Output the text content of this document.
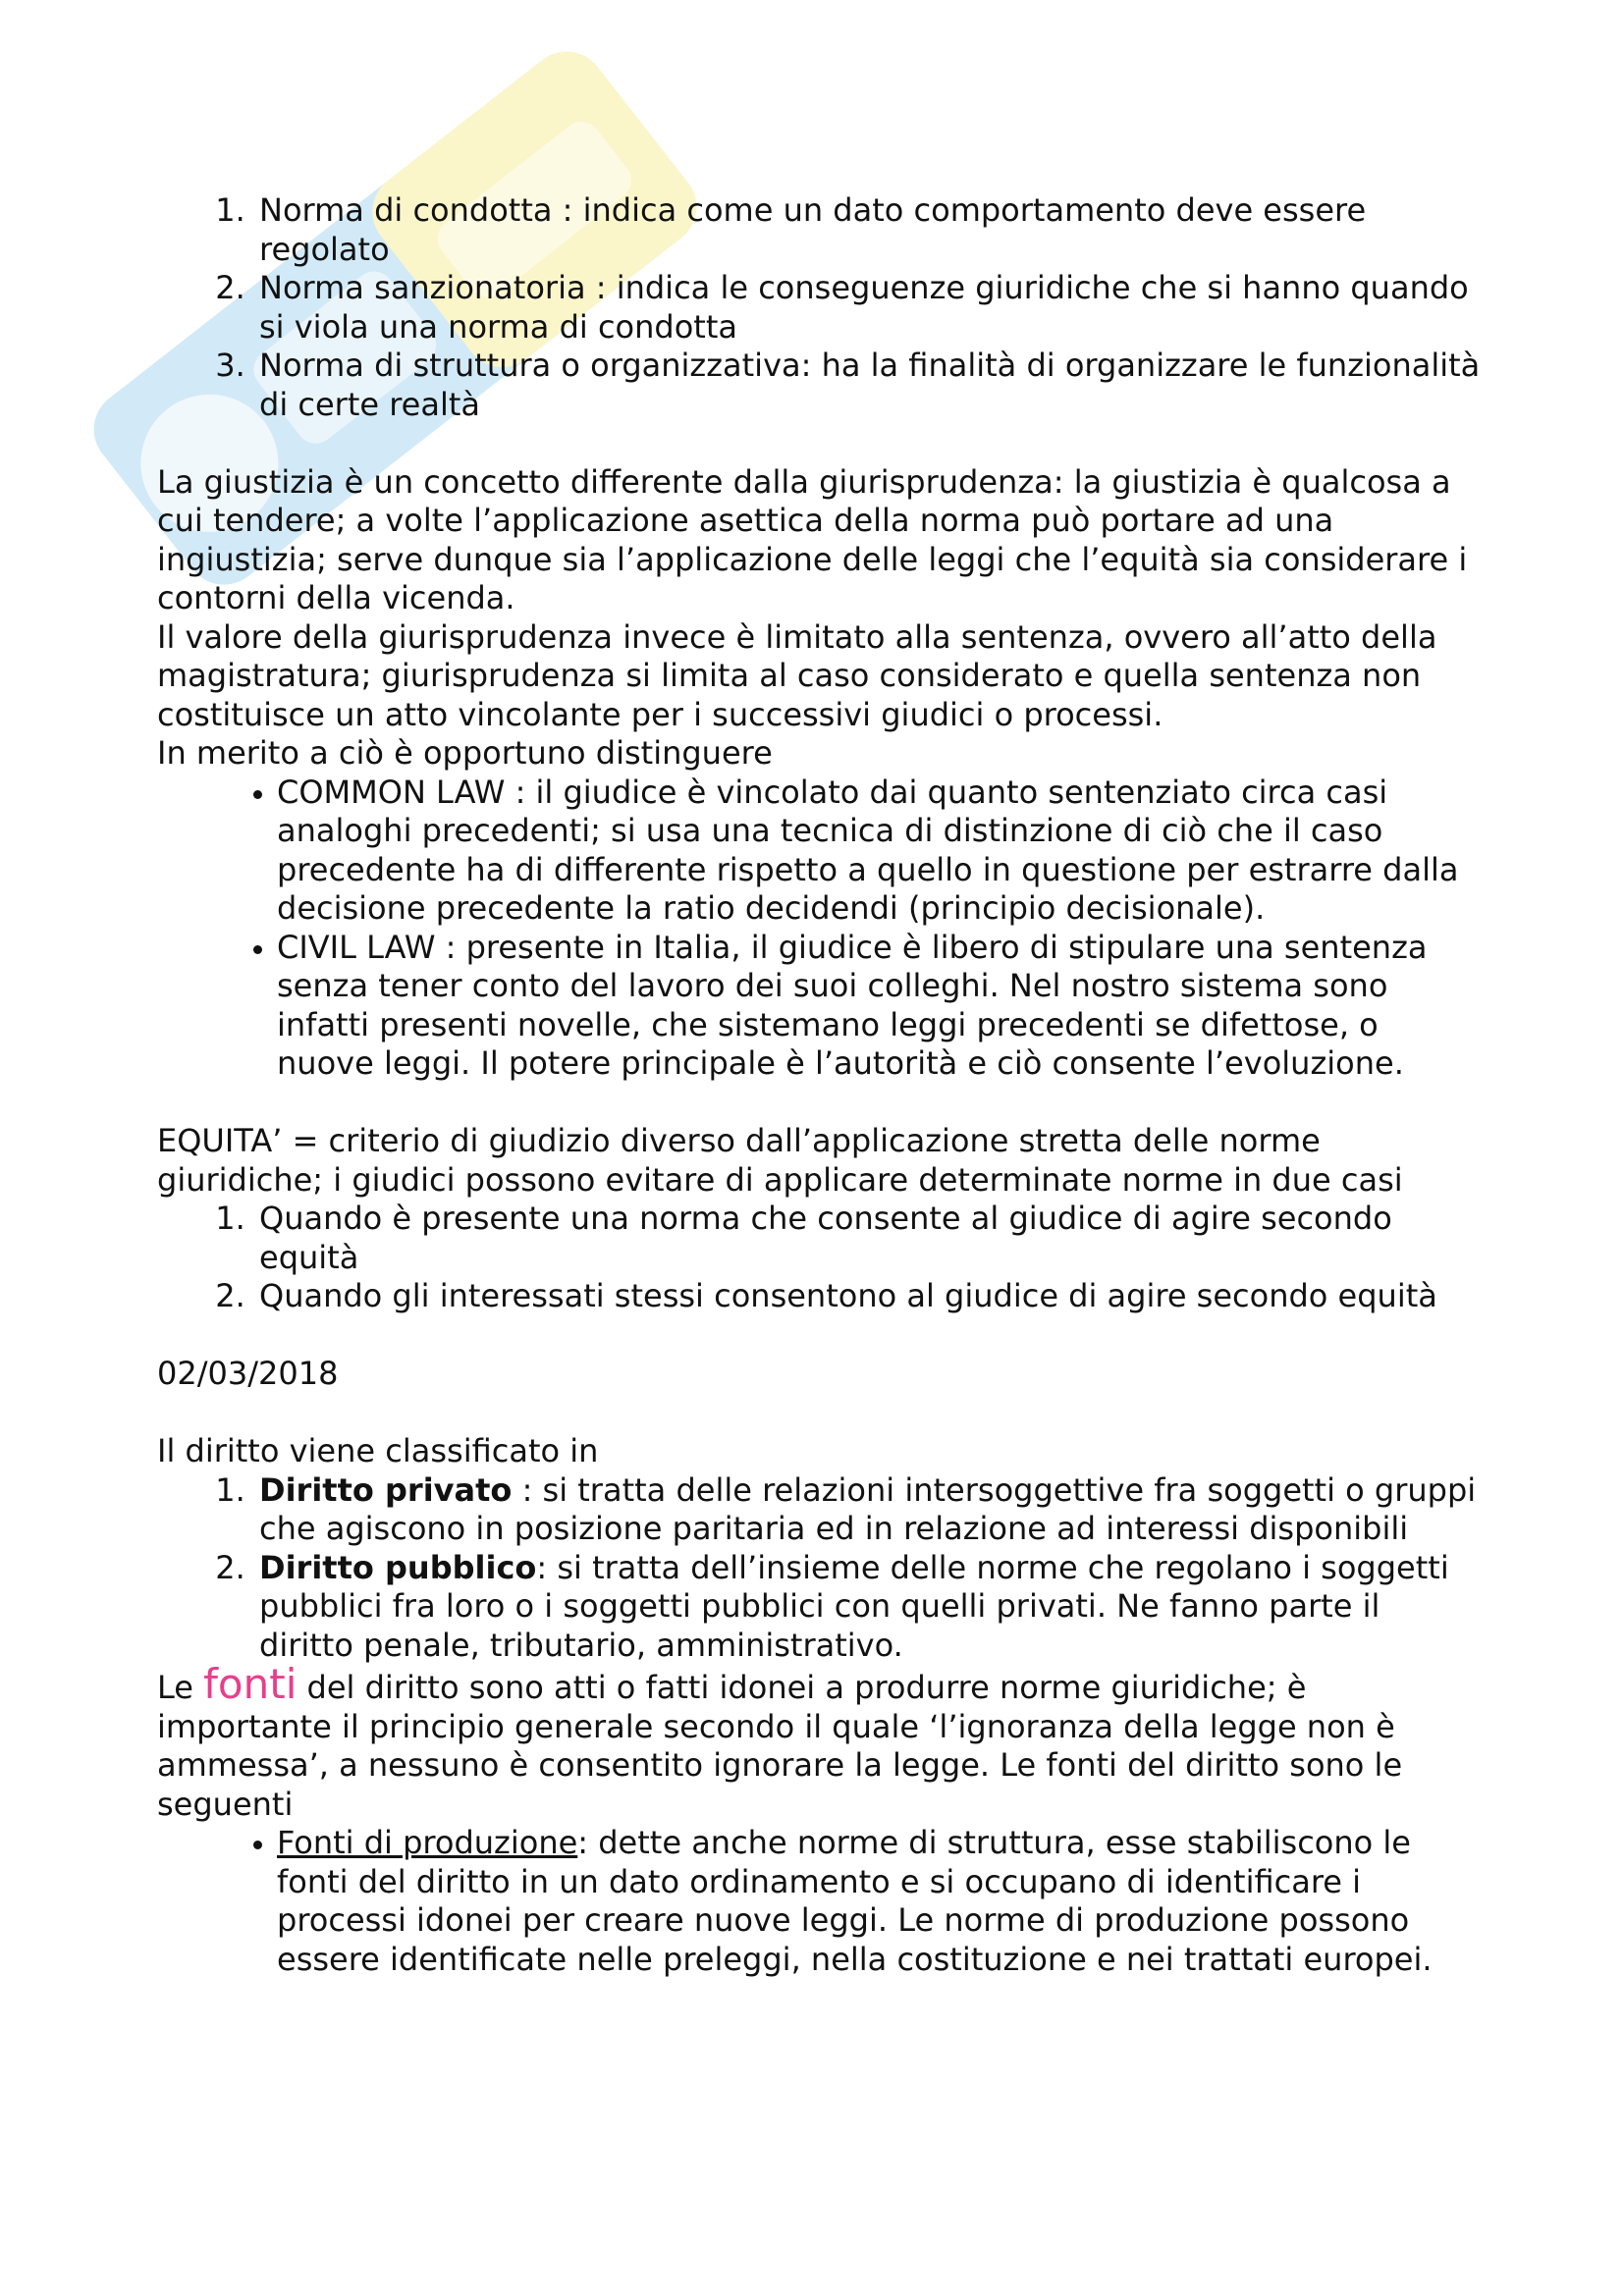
1. Norma di condotta : indica come un dato comportamento deve essere regolato
2. Norma sanzionatoria : indica le conseguenze giuridiche che si hanno quando si viola una norma di condotta
3. Norma di struttura o organizzativa: ha la finalità di organizzare le funzionalità di certe realtà

La giustizia è un concetto differente dalla giurisprudenza: la giustizia è qualcosa a cui tendere; a volte l’applicazione asettica della norma può portare ad una ingiustizia; serve dunque sia l’applicazione delle leggi che l’equità sia considerare i contorni della vicenda.

Il valore della giurisprudenza invece è limitato alla sentenza, ovvero all’atto della magistratura; giurisprudenza si limita al caso considerato e quella sentenza non costituisce un atto vincolante per i successivi giudici o processi.

In merito a ciò è opportuno distinguere

• COMMON LAW : il giudice è vincolato dai quanto sentenziato circa casi analoghi precedenti; si usa una tecnica di distinzione di ciò che il caso precedente ha di differente rispetto a quello in questione per estrarre dalla decisione precedente la ratio decidendi (principio decisionale).
• CIVIL LAW : presente in Italia, il giudice è libero di stipulare una sentenza senza tener conto del lavoro dei suoi colleghi. Nel nostro sistema sono infatti presenti novelle, che sistemano leggi precedenti se difettose, o nuove leggi. Il potere principale è l’autorità e ciò consente l’evoluzione.

EQUITA’ = criterio di giudizio diverso dall’applicazione stretta delle norme giuridiche; i giudici possono evitare di applicare determinate norme in due casi

1. Quando è presente una norma che consente al giudice di agire secondo equità
2. Quando gli interessati stessi consentono al giudice di agire secondo equità

02/03/2018

Il diritto viene classificato in

1. Diritto privato : si tratta delle relazioni intersoggettive fra soggetti o gruppi che agiscono in posizione paritaria ed in relazione ad interessi disponibili
2. Diritto pubblico: si tratta dell’insieme delle norme che regolano i soggetti pubblici fra loro o i soggetti pubblici con quelli privati. Ne fanno parte il diritto penale, tributario, amministrativo.

Le fonti del diritto sono atti o fatti idonei a produrre norme giuridiche; è importante il principio generale secondo il quale ‘l’ignoranza della legge non è ammessa’, a nessuno è consentito ignorare la legge. Le fonti del diritto sono le seguenti

• Fonti di produzione: dette anche norme di struttura, esse stabiliscono le fonti del diritto in un dato ordinamento e si occupano di identificare i processi idonei per creare nuove leggi. Le norme di produzione possono essere identificate nelle preleggi, nella costituzione e nei trattati europei.
